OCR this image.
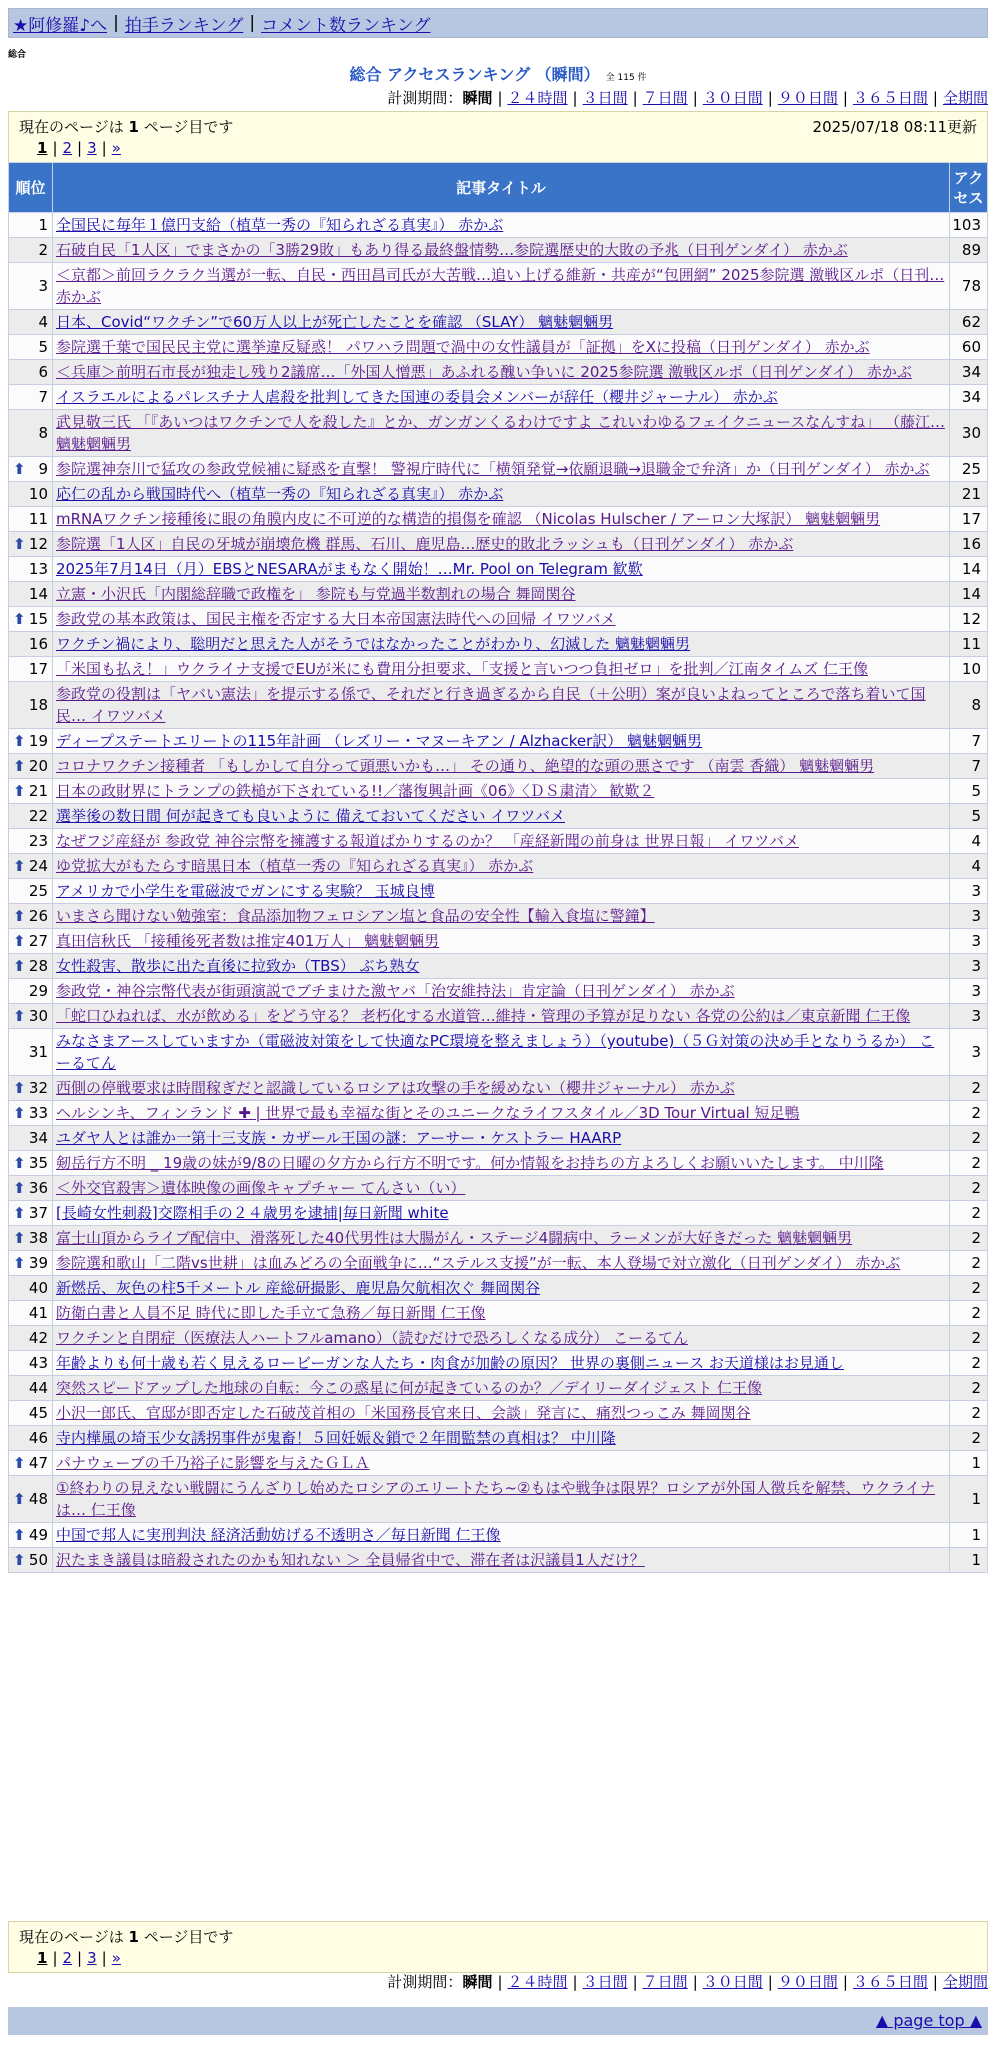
★阿修羅♪へ | 拍手ランキング | コメント数ランキング
総合
総合 アクセスランキング （瞬間） 全 115 件
計測期間：瞬間 | ２４時間 | ３日間 | ７日間 | ３０日間 | ９０日間 | ３６５日間 | 全期間
現在のページは 1 ページ目です	2025/07/18 08:11更新
1 | 2 | 3 | »
順位	記事タイトル	アクセス
1	全国民に毎年１億円支給（植草一秀の『知られざる真実』） 赤かぶ	103
2	石破自民「1人区」でまさかの「3勝29敗」もあり得る最終盤情勢…参院選歴史的大敗の予兆（日刊ゲンダイ） 赤かぶ	89
3	＜京都＞前回ラクラク当選が一転、自民・西田昌司氏が大苦戦…追い上げる維新・共産が“包囲網” 2025参院選 激戦区ルポ（日刊… 赤かぶ	78
4	日本、Covid“ワクチン”で60万人以上が死亡したことを確認 （SLAY） 魑魅魍魎男	62
5	参院選千葉で国民民主党に選挙違反疑惑！ パワハラ問題で渦中の女性議員が「証拠」をXに投稿（日刊ゲンダイ） 赤かぶ	60
6	＜兵庫＞前明石市長が独走し残り2議席…「外国人憎悪」あふれる醜い争いに 2025参院選 激戦区ルポ（日刊ゲンダイ） 赤かぶ	34
7	イスラエルによるパレスチナ人虐殺を批判してきた国連の委員会メンバーが辞任（櫻井ジャーナル） 赤かぶ	34
8	武見敬三氏 「『あいつはワクチンで人を殺した』とか、ガンガンくるわけですよ これいわゆるフェイクニュースなんすね」 （藤江… 魑魅魍魎男	30

⬆ 9	参院選神奈川で猛攻の参政党候補に疑惑を直撃！ 警視庁時代に「横領発覚→依願退職→退職金で弁済」か（日刊ゲンダイ） 赤かぶ	25
10	応仁の乱から戦国時代へ（植草一秀の『知られざる真実』） 赤かぶ	21
11	mRNAワクチン接種後に眼の角膜内皮に不可逆的な構造的損傷を確認 （Nicolas Hulscher / アーロン大塚訳） 魑魅魍魎男	17

⬆ 12	参院選「1人区」自民の牙城が崩壊危機 群馬、石川、鹿児島…歴史的敗北ラッシュも（日刊ゲンダイ） 赤かぶ	16
13	2025年7月14日（月）EBSとNESARAがまもなく開始！…Mr. Pool on Telegram 歓歎	14
14	立憲・小沢氏「内閣総辞職で政権を」 参院も与党過半数割れの場合 舞岡関谷	14

⬆ 15	参政党の基本政策は、国民主権を否定する大日本帝国憲法時代への回帰 イワツバメ	12
16	ワクチン禍により、聡明だと思えた人がそうではなかったことがわかり、幻滅した 魑魅魍魎男	11
17	「米国も払え！」ウクライナ支援でEUが米にも費用分担要求、「支援と言いつつ負担ゼロ」を批判／江南タイムズ 仁王像	10
18	参政党の役割は「ヤバい憲法」を提示する係で、それだと行き過ぎるから自民（＋公明）案が良いよねってところで落ち着いて国民… イワツバメ	8

⬆ 19	ディープステートエリートの115年計画 （レズリー・マヌーキアン / Alzhacker訳） 魑魅魍魎男	7

⬆ 20	コロナワクチン接種者 「もしかして自分って頭悪いかも…」 その通り、絶望的な頭の悪さです （南雲 香織） 魑魅魍魎男	7

⬆ 21	日本の政財界にトランプの鉄槌が下されている!!／藩復興計画《06》〈ＤＳ粛清〉 歓歎２	5
22	選挙後の数日間 何が起きても良いように 備えておいてください イワツバメ	5
23	なぜフジ産経が 参政党 神谷宗幣を擁護する報道ばかりするのか？ 「産経新聞の前身は 世界日報」 イワツバメ	4

⬆ 24	ゆ党拡大がもたらす暗黒日本（植草一秀の『知られざる真実』） 赤かぶ	4
25	アメリカで小学生を電磁波でガンにする実験？ 玉城良博	3

⬆ 26	いまさら聞けない勉強室：食品添加物フェロシアン塩と食品の安全性【輸入食塩に警鐘】	3

⬆ 27	真田信秋氏 「接種後死者数は推定401万人」 魑魅魍魎男	3

⬆ 28	女性殺害、散歩に出た直後に拉致か（TBS） ぶち熟女	3
29	参政党・神谷宗幣代表が街頭演説でブチまけた激ヤバ「治安維持法」肯定論（日刊ゲンダイ） 赤かぶ	3

⬆ 30	「蛇口ひねれば、水が飲める」をどう守る？ 老朽化する水道管…維持・管理の予算が足りない 各党の公約は／東京新聞 仁王像	3
31	みなさまアースしていますか（電磁波対策をして快適なPC環境を整えましょう）（youtube)（５Ｇ対策の決め手となりうるか） こーるてん	3

⬆ 32	西側の停戦要求は時間稼ぎだと認識しているロシアは攻撃の手を緩めない（櫻井ジャーナル） 赤かぶ	2

⬆ 33	ヘルシンキ、フィンランド ✚ | 世界で最も幸福な街とそのユニークなライフスタイル／3D Tour Virtual 短足鴨	2
34	ユダヤ人とは誰か一第十三支族・カザール王国の謎：アーサー・ケストラー HAARP	2

⬆ 35	剱岳行方不明 _ 19歳の妹が9/8の日曜の夕方から行方不明です。何か情報をお持ちの方よろしくお願いいたします。 中川隆	2

⬆ 36	＜外交官殺害＞遺体映像の画像キャプチャー てんさい（い）	2

⬆ 37	[長崎女性刺殺]交際相手の２４歳男を逮捕|毎日新聞 white	2

⬆ 38	富士山頂からライブ配信中、滑落死した40代男性は大腸がん・ステージ4闘病中、ラーメンが大好きだった 魑魅魍魎男	2

⬆ 39	参院選和歌山「二階vs世耕」は血みどろの全面戦争に…“ステルス支援”が一転、本人登場で対立激化（日刊ゲンダイ） 赤かぶ	2
40	新燃岳、灰色の柱5千メートル 産総研撮影、鹿児島欠航相次ぐ 舞岡関谷	2
41	防衛白書と人員不足 時代に即した手立て急務／毎日新聞 仁王像	2
42	ワクチンと自閉症（医療法人ハートフルamano）（読むだけで恐ろしくなる成分） こーるてん	2
43	年齢よりも何十歳も若く見えるロービーガンな人たち・肉食が加齢の原因？ 世界の裏側ニュース お天道様はお見通し	2
44	突然スピードアップした地球の自転：今この惑星に何が起きているのか？／デイリーダイジェスト 仁王像	2
45	小沢一郎氏、官邸が即否定した石破茂首相の「米国務長官来日、会談」発言に、痛烈つっこみ 舞岡関谷	2
46	寺内樺風の埼玉少女誘拐事件が鬼畜！５回妊娠＆鎖で２年間監禁の真相は？ 中川隆	2

⬆ 47	パナウェーブの千乃裕子に影響を与えたＧＬＡ	1

⬆ 48	①終わりの見えない戦闘にうんざりし始めたロシアのエリートたち~②もはや戦争は限界？ロシアが外国人徴兵を解禁、ウクライナは… 仁王像	1

⬆ 49	中国で邦人に実刑判決 経済活動妨げる不透明さ／毎日新聞 仁王像	1

⬆ 50	沢たまき議員は暗殺されたのかも知れない ＞ 全員帰省中で、滞在者は沢議員1人だけ？	1
現在のページは 1 ページ目です
1 | 2 | 3 | »
計測期間：瞬間 | ２４時間 | ３日間 | ７日間 | ３０日間 | ９０日間 | ３６５日間 | 全期間
▲ page top ▲
